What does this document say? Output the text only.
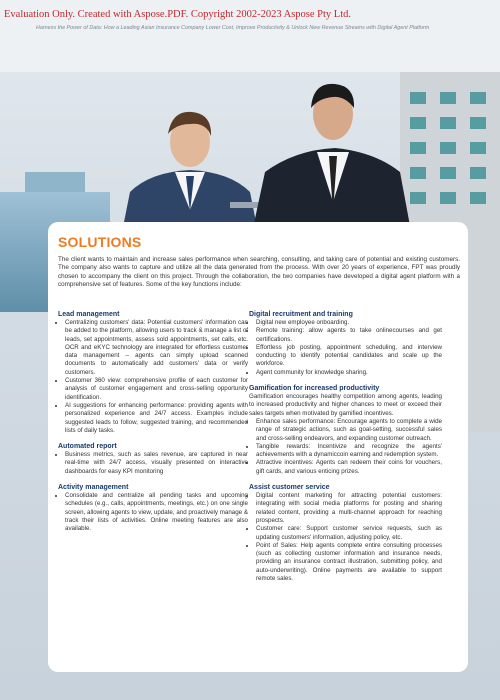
Evaluation Only. Created with Aspose.PDF. Copyright 2002-2023 Aspose Pty Ltd.
Harness the Power of Data: How a Leading Asian Insurance Company Lower Cost, Improve Productivity & Unlock New Revenue Streams with Digital Agent Platform
SOLUTIONS

The client wants to maintain and increase sales performance when searching, consulting, and taking care of potential and existing customers. The company also wants to capture and utilize all the data generated from the process. With over 20 years of experience, FPT was proudly chosen to accompany the client on this project. Through the collaboration, the two companies have developed a digital agent platform with a comprehensive set of features. Some of the key functions include:

Lead management
• Centralizing customers' data: Potential customers' information can be added to the platform, allowing users to track & manage a list of leads, set appointments, assess sold appointments, set calls, etc. OCR and eKYC technology are integrated for effortless customer data management – agents can simply upload scanned documents to automatically add customers' data or verify customers.
• Customer 360 view: comprehensive profile of each customer for analysis of customer engagement and cross-selling opportunity identification.
• AI suggestions for enhancing performance: providing agents with personalized experience and 24/7 access. Examples include suggested leads to follow, suggested training, and recommended lists of daily tasks.
Automated report
• Business metrics, such as sales revenue, are captured in near real-time with 24/7 access, visually presented on interactive dashboards for easy KPI monitoring
Activity management
• Consolidate and centralize all pending tasks and upcoming schedules (e.g., calls, appointments, meetings, etc.) on one single screen, allowing agents to view, update, and proactively manage & track their lists of activities. Online meeting features are also available.
Digital recruitment and training
• Digital new employee onboarding.
• Remote training: allow agents to take onlinecourses and get certifications.
• Effortless job posting, appointment scheduling, and interview conducting to identify potential candidates and scale up the workforce.
• Agent community for knowledge sharing.
Gamification for increased productivity

Gamification encourages healthy competition among agents, leading to increased productivity and higher chances to meet or exceed their sales targets when motivated by gamified incentives.

• Enhance sales performance: Encourage agents to complete a wide range of strategic actions, such as goal-setting, successful sales and cross-selling endeavors, and expanding customer outreach.
• Tangible rewards: Incentivize and recognize the agents' achievements with a dynamiccoin earning and redemption system.
• Attractive incentives: Agents can redeem their coins for vouchers, gift cards, and various enticing prizes.
Assist customer service
• Digital content marketing for attracting potential customers: integrating with social media platforms for posting and sharing related content, providing a multi-channel approach for reaching prospects.
• Customer care: Support customer service requests, such as updating customers' information, adjusting policy, etc.
• Point of Sales: Help agents complete entire consulting processes (such as collecting customer information and insurance needs, providing an insurance contract illustration, submitting policy, and auto-underwriting). Online payments are available to support remote sales.
